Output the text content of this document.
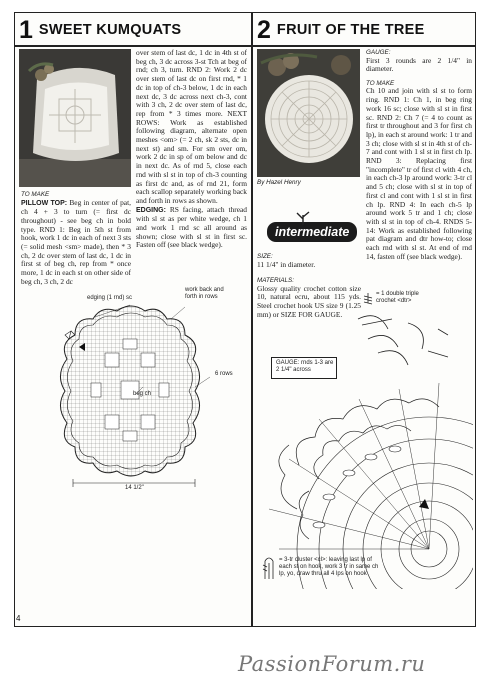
1 SWEET KUMQUATS	2 FRUIT OF THE TREE
TO MAKE
PILLOW TOP: Beg in center of pat, ch 4 + 3 to turn (= first dc throughout) - see beg ch in bold type. RND 1: Beg in 5th st from hook, work 1 dc in each of next 3 sts (= solid mesh <sm> made), then * 3 ch, 2 dc over stem of last dc, 1 dc in first st of beg ch, rep from * once more, 1 dc in each st on other side of beg ch, 3 ch, 2 dc
over stem of last dc, 1 dc in 4th st of beg ch, 3 dc across 3-st Tch at beg of rnd; ch 3, turn. RND 2: Work 2 dc over stem of last dc on first rnd, * 1 dc in top of ch-3 below, 1 dc in each next dc, 3 dc across next ch-3, cont with 3 ch, 2 dc over stem of last dc, rep from * 3 times more. NEXT ROWS: Work as established following diagram, alternate open meshes <om> (= 2 ch, sk 2 sts, dc in next st) and sm. For sm over om, work 2 dc in sp of om below and dc in next dc. As of rnd 5, close each rnd with sl st in top of ch-3 counting as first dc and, as of rnd 21, form each scallop separately working back and forth in rows as shown.
EDGING: RS facing, attach thread with sl st as per white wedge, ch 1 and work 1 rnd sc all around as shown; close with sl st in first sc. Fasten off (see black wedge).
edging (1 rnd) sc
work back and forth in rows
6 rows
beg ch
14 1/2"
By Hazel Henry
intermediate
SIZE:
11 1/4" in diameter.
MATERIALS:
Glossy quality crochet cotton size 10, natural ecru, about 115 yds. Steel crochet hook US size 9 (1.25 mm) or SIZE FOR GAUGE.
GAUGE:
First 3 rounds are 2 1/4" in diameter.
TO MAKE
Ch 10 and join with sl st to form ring. RND 1: Ch 1, in beg ring work 16 sc; close with sl st in first sc. RND 2: Ch 7 (= 4 to count as first tr throughout and 3 for first ch lp), in each st around work: 1 tr and 3 ch; close with sl st in 4th st of ch-7 and cont with 1 sl st in first ch lp. RND 3: Replacing first "incomplete" tr of first cl with 4 ch, in each ch-3 lp around work: 3-tr cl and 5 ch; close with sl st in top of first cl and cont with 1 sl st in first ch lp. RND 4: In each ch-5 lp around work 5 tr and 1 ch; close with sl st in top of ch-4. RNDS 5-14: Work as established following pat diagram and dtr how-to; close each rnd with sl st. At end of rnd 14, fasten off (see black wedge).
= 1 double triple crochet <dtr>
GAUGE: rnds 1-3 are 2 1/4" across
= 3-tr cluster <cl>: leaving last lp of each st on hook, work 3 tr in same ch lp, yo, draw thru all 4 lps on hook
4
PassionForum.ru
